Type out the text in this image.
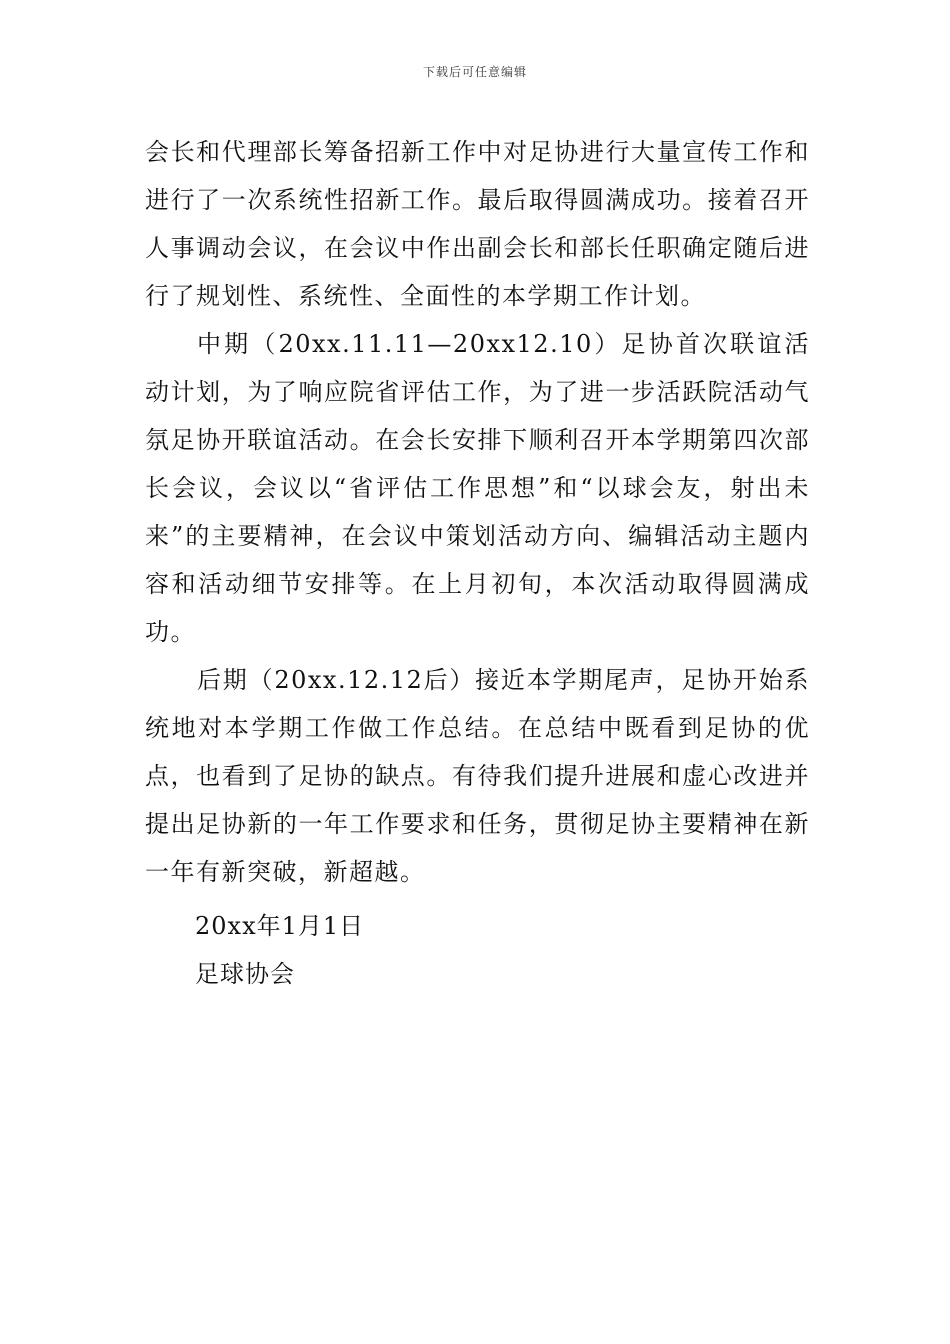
下载后可任意编辑

会长和代理部长筹备招新工作中对足协进行大量宣传工作和进行了一次系统性招新工作。最后取得圆满成功。接着召开人事调动会议，在会议中作出副会长和部长任职确定随后进行了规划性、系统性、全面性的本学期工作计划。

中期（20xx.11.11—20xx12.10）足协首次联谊活动计划，为了响应院省评估工作，为了进一步活跃院活动气氛足协开联谊活动。在会长安排下顺利召开本学期第四次部长会议，会议以“省评估工作思想”和“以球会友，射出未来”的主要精神，在会议中策划活动方向、编辑活动主题内容和活动细节安排等。在上月初旬，本次活动取得圆满成功。

后期（20xx.12.12后）接近本学期尾声，足协开始系统地对本学期工作做工作总结。在总结中既看到足协的优点，也看到了足协的缺点。有待我们提升进展和虚心改进并提出足协新的一年工作要求和任务，贯彻足协主要精神在新一年有新突破，新超越。

20xx年1月1日

足球协会
